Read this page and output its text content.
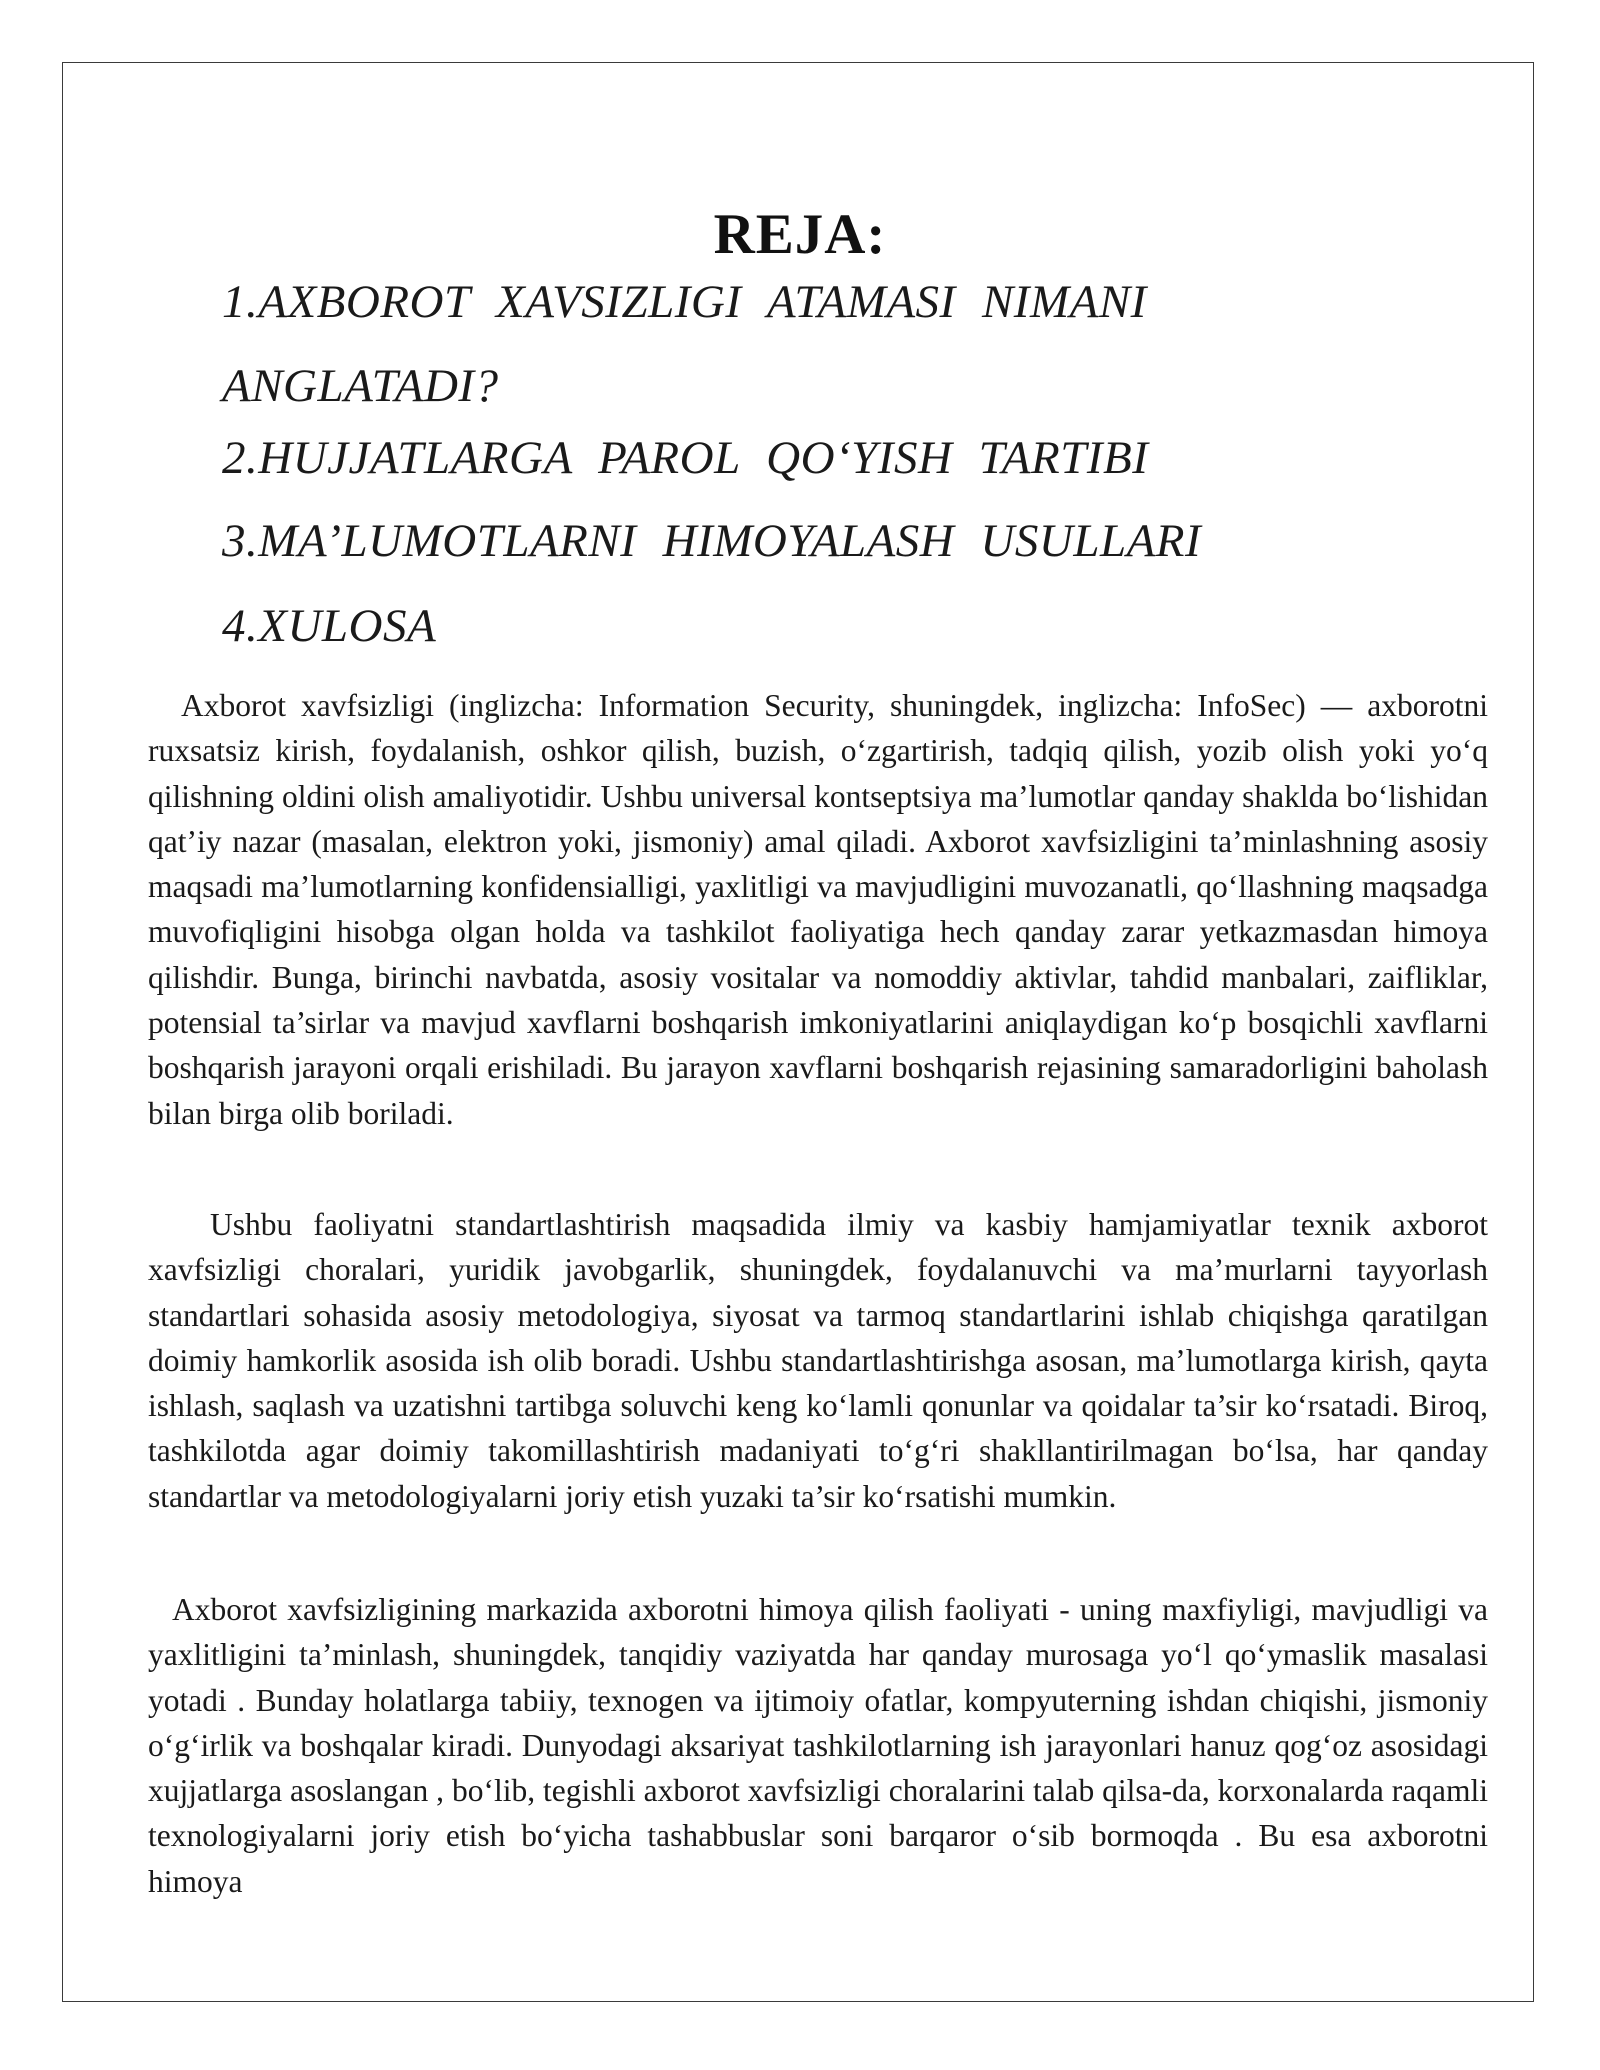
REJA:

1.AXBOROT XAVSIZLIGI ATAMASI NIMANI ANGLATADI?

2.HUJJATLARGA PAROL QO‘YISH TARTIBI

3.MA’LUMOTLARNI HIMOYALASH USULLARI

4.XULOSA

Axborot xavfsizligi (inglizcha: Information Security, shuningdek, inglizcha: InfoSec) — axborotni ruxsatsiz kirish, foydalanish, oshkor qilish, buzish, o‘zgartirish, tadqiq qilish, yozib olish yoki yo‘q qilishning oldini olish amaliyotidir. Ushbu universal kontseptsiya ma’lumotlar qanday shaklda bo‘lishidan qat’iy nazar (masalan, elektron yoki, jismoniy) amal qiladi. Axborot xavfsizligini ta’minlashning asosiy maqsadi ma’lumotlarning konfidensialligi, yaxlitligi va mavjudligini muvozanatli, qo‘llashning maqsadga muvofiqligini hisobga olgan holda va tashkilot faoliyatiga hech qanday zarar yetkazmasdan himoya qilishdir. Bunga, birinchi navbatda, asosiy vositalar va nomoddiy aktivlar, tahdid manbalari, zaifliklar, potensial ta’sirlar va mavjud xavflarni boshqarish imkoniyatlarini aniqlaydigan ko‘p bosqichli xavflarni boshqarish jarayoni orqali erishiladi. Bu jarayon xavflarni boshqarish rejasining samaradorligini baholash bilan birga olib boriladi.

Ushbu faoliyatni standartlashtirish maqsadida ilmiy va kasbiy hamjamiyatlar texnik axborot xavfsizligi choralari, yuridik javobgarlik, shuningdek, foydalanuvchi va ma’murlarni tayyorlash standartlari sohasida asosiy metodologiya, siyosat va tarmoq standartlarini ishlab chiqishga qaratilgan doimiy hamkorlik asosida ish olib boradi. Ushbu standartlashtirishga asosan, ma’lumotlarga kirish, qayta ishlash, saqlash va uzatishni tartibga soluvchi keng ko‘lamli qonunlar va qoidalar ta’sir ko‘rsatadi. Biroq, tashkilotda agar doimiy takomillashtirish madaniyati to‘g‘ri shakllantirilmagan bo‘lsa, har qanday standartlar va metodologiyalarni joriy etish yuzaki ta’sir ko‘rsatishi mumkin.

Axborot xavfsizligining markazida axborotni himoya qilish faoliyati - uning maxfiyligi, mavjudligi va yaxlitligini ta’minlash, shuningdek, tanqidiy vaziyatda har qanday murosaga yo‘l qo‘ymaslik masalasi yotadi . Bunday holatlarga tabiiy, texnogen va ijtimoiy ofatlar, kompyuterning ishdan chiqishi, jismoniy o‘g‘irlik va boshqalar kiradi. Dunyodagi aksariyat tashkilotlarning ish jarayonlari hanuz qog‘oz asosidagi xujjatlarga asoslangan , bo‘lib, tegishli axborot xavfsizligi choralarini talab qilsa-da, korxonalarda raqamli texnologiyalarni joriy etish bo‘yicha tashabbuslar soni barqaror o‘sib bormoqda . Bu esa axborotni himoya
